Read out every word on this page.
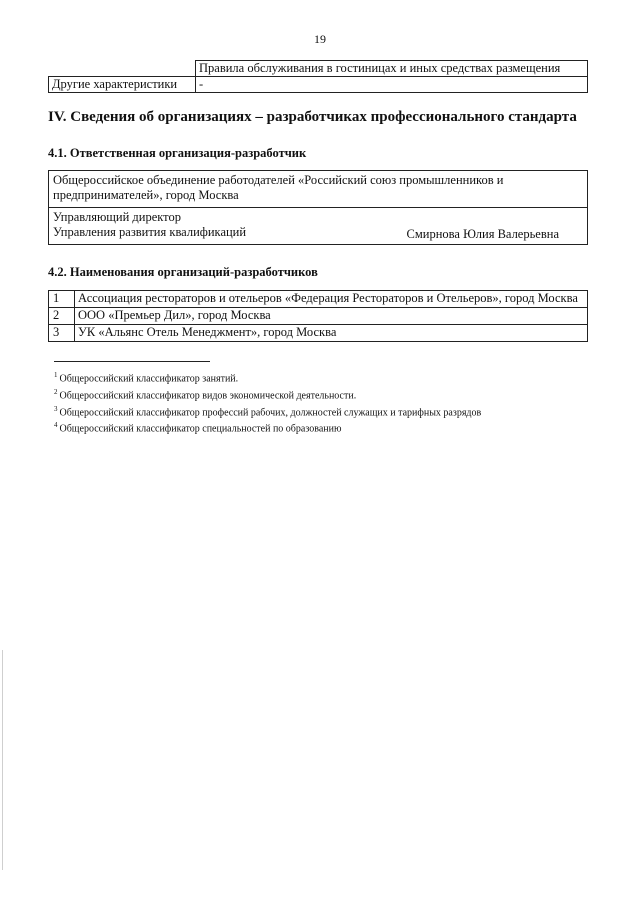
19
	Правила обслуживания в гостиницах и иных средствах размещения
Другие характеристики	-
IV. Сведения об организациях – разработчиках профессионального стандарта
4.1. Ответственная организация-разработчик
Общероссийское объединение работодателей «Российский союз промышленников и
предпринимателей», город Москва

Управляющий директор
Управления развития квалификаций	Смирнова Юлия Валерьевна
4.2. Наименования организаций-разработчиков
1	Ассоциация рестораторов и отельеров «Федерация Рестораторов и Отельеров», город Москва
2	ООО «Премьер Дил», город Москва
3	УК «Альянс Отель Менеджмент», город Москва
$^1$ Общероссийский классификатор занятий.
$^2$ Общероссийский классификатор видов экономической деятельности.
$^3$ Общероссийский классификатор профессий рабочих, должностей служащих и тарифных разрядов
$^4$ Общероссийский классификатор специальностей по образованию
